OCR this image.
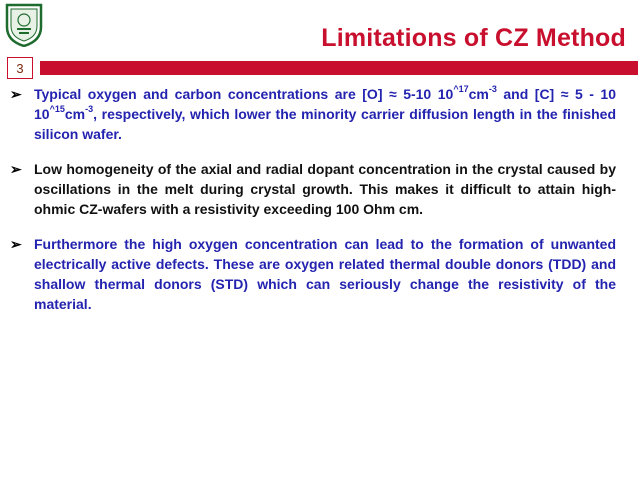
Limitations of CZ Method
3
➢ Typical oxygen and carbon concentrations are [O] ≈ 5-10 $10^{\^{}17}cm^{-3}$ and [C] ≈ 5 - 10 $10^{\^{}15}cm^{-3}$, respectively, which lower the minority carrier diffusion length in the finished silicon wafer.
➢ Low homogeneity of the axial and radial dopant concentration in the crystal caused by oscillations in the melt during crystal growth. This makes it difficult to attain high-ohmic CZ-wafers with a resistivity exceeding 100 Ohm cm.
➢ Furthermore the high oxygen concentration can lead to the formation of unwanted electrically active defects. These are oxygen related thermal double donors (TDD) and shallow thermal donors (STD) which can seriously change the resistivity of the material.
